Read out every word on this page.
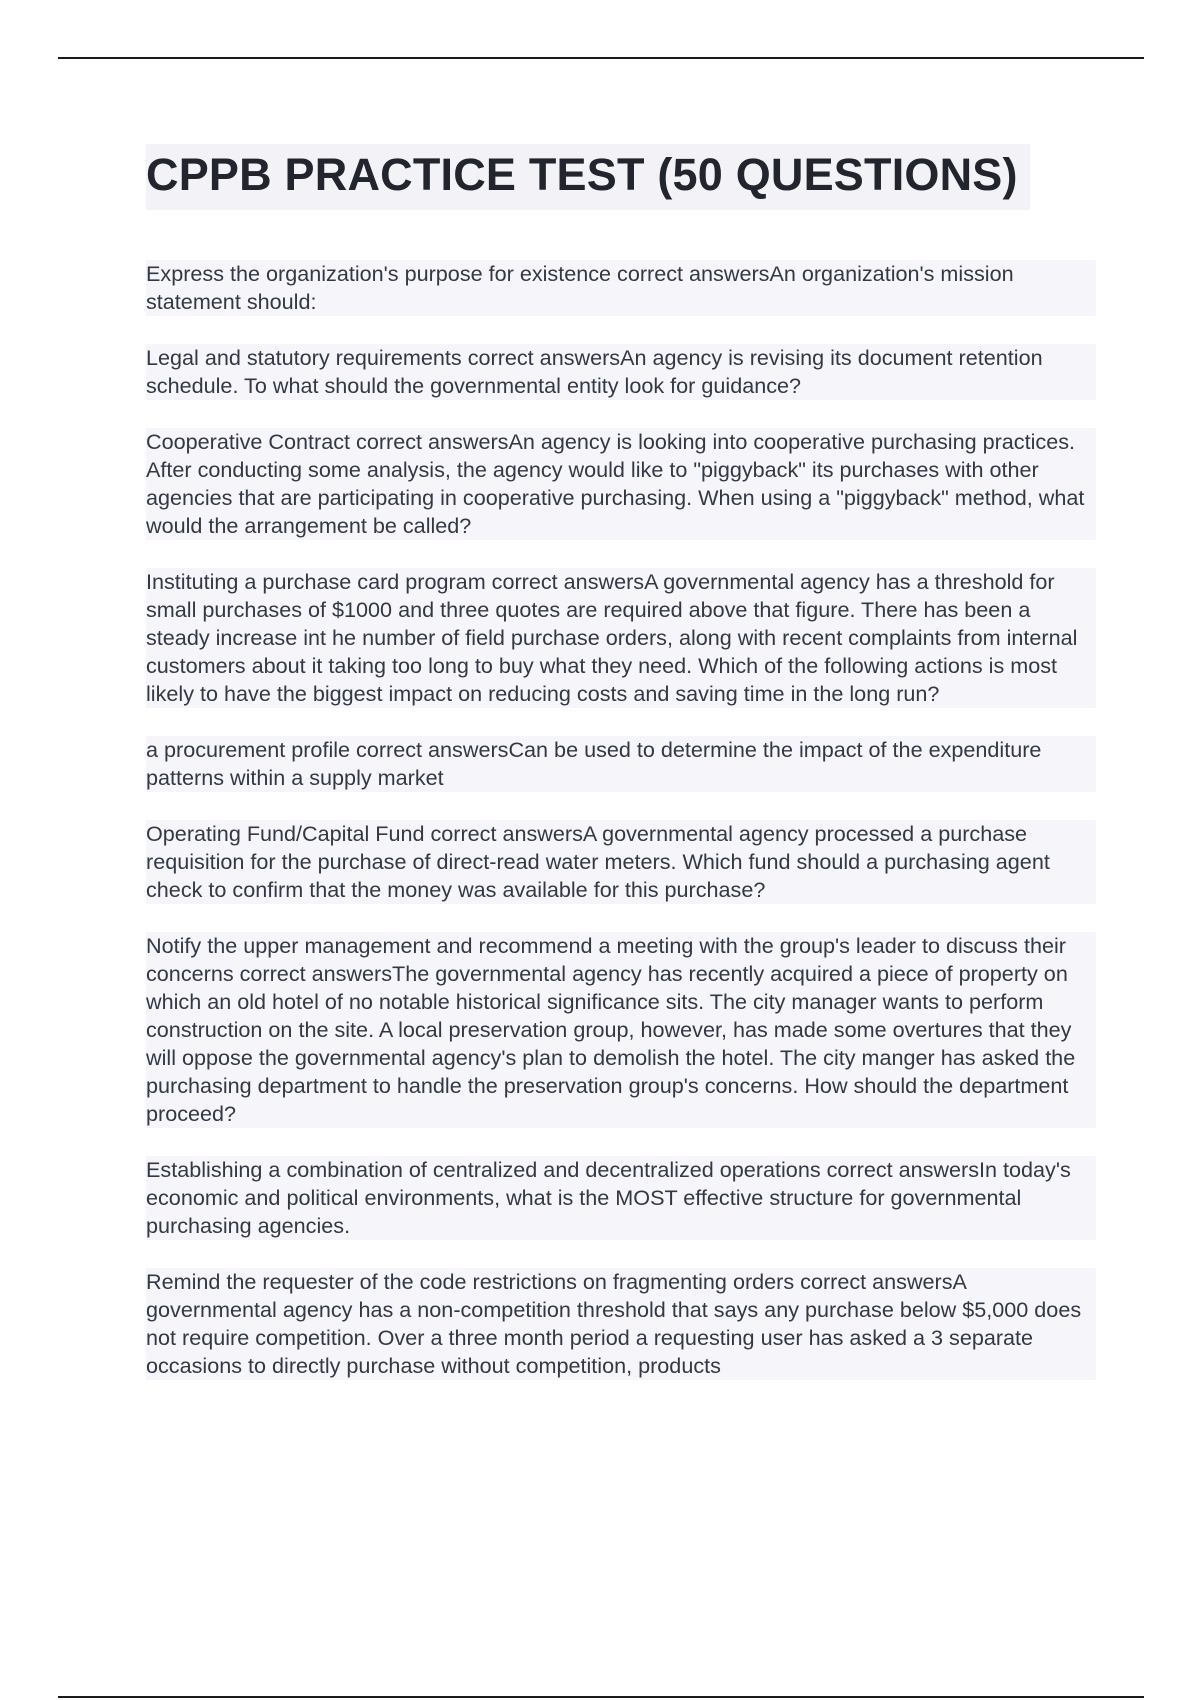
CPPB PRACTICE TEST (50 QUESTIONS)

Express the organization's purpose for existence correct answersAn organization's mission statement should:

Legal and statutory requirements correct answersAn agency is revising its document retention schedule. To what should the governmental entity look for guidance?

Cooperative Contract correct answersAn agency is looking into cooperative purchasing practices. After conducting some analysis, the agency would like to "piggyback" its purchases with other agencies that are participating in cooperative purchasing. When using a "piggyback" method, what would the arrangement be called?

Instituting a purchase card program correct answersA governmental agency has a threshold for small purchases of $1000 and three quotes are required above that figure. There has been a steady increase int he number of field purchase orders, along with recent complaints from internal customers about it taking too long to buy what they need. Which of the following actions is most likely to have the biggest impact on reducing costs and saving time in the long run?

a procurement profile correct answersCan be used to determine the impact of the expenditure patterns within a supply market

Operating Fund/Capital Fund correct answersA governmental agency processed a purchase requisition for the purchase of direct-read water meters. Which fund should a purchasing agent check to confirm that the money was available for this purchase?

Notify the upper management and recommend a meeting with the group's leader to discuss their concerns correct answersThe governmental agency has recently acquired a piece of property on which an old hotel of no notable historical significance sits. The city manager wants to perform construction on the site. A local preservation group, however, has made some overtures that they will oppose the governmental agency's plan to demolish the hotel. The city manger has asked the purchasing department to handle the preservation group's concerns. How should the department proceed?

Establishing a combination of centralized and decentralized operations correct answersIn today's economic and political environments, what is the MOST effective structure for governmental purchasing agencies.

Remind the requester of the code restrictions on fragmenting orders correct answersA governmental agency has a non-competition threshold that says any purchase below $5,000 does not require competition. Over a three month period a requesting user has asked a 3 separate occasions to directly purchase without competition, products
